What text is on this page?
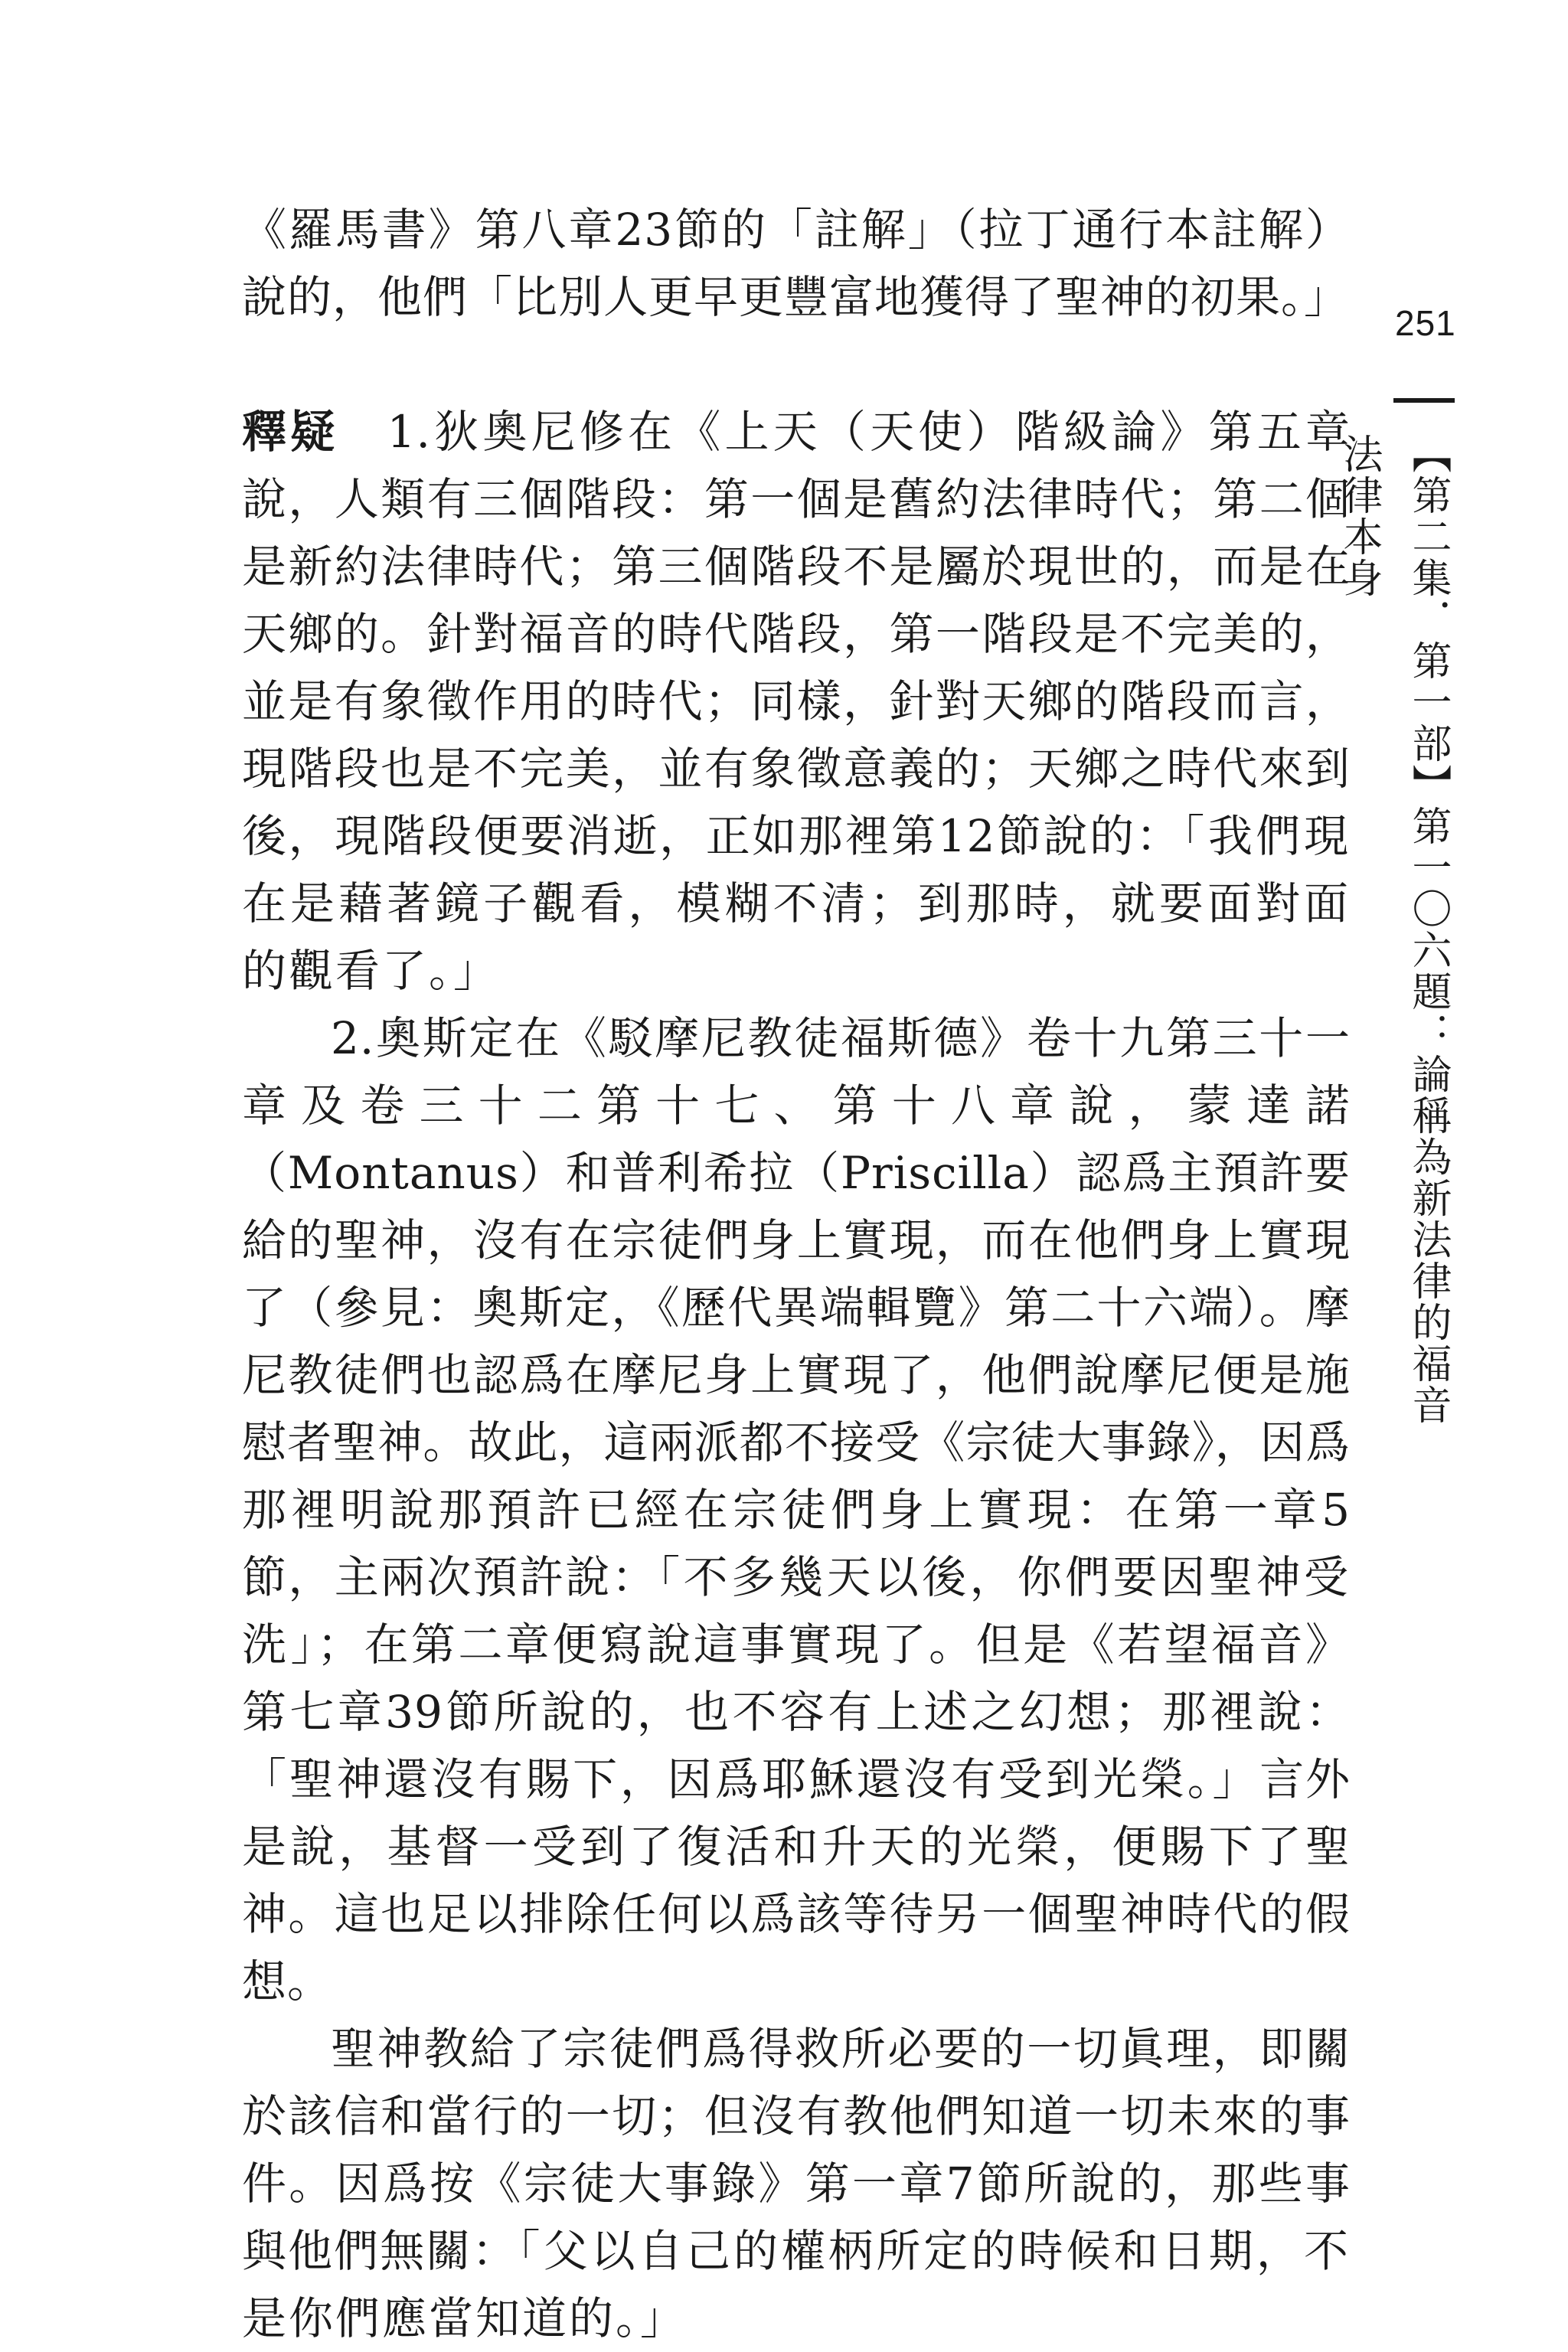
《羅馬書》第八章23節的「註解」（拉丁通行本註解）說的，他們「比別人更早更豐富地獲得了聖神的初果。」

釋疑　 1.狄奧尼修在《上天（天使）階級論》第五章說，人類有三個階段：第一個是舊約法律時代；第二個是新約法律時代；第三個階段不是屬於現世的，而是在天鄉的。針對福音的時代階段，第一階段是不完美的，並是有象徵作用的時代；同樣，針對天鄉的階段而言，現階段也是不完美，並有象徵意義的；天鄉之時代來到後，現階段便要消逝，正如那裡第12節說的：「我們現在是藉著鏡子觀看，模糊不清；到那時，就要面對面的觀看了。」

2.奧斯定在《駁摩尼教徒福斯德》卷十九第三十一章及卷三十二第十七、第十八章說，蒙達諾（Montanus）和普利希拉（Priscilla）認爲主預許要給的聖神，沒有在宗徒們身上實現，而在他們身上實現了（參見：奧斯定，《歷代異端輯覽》第二十六端）。摩尼教徒們也認爲在摩尼身上實現了，他們說摩尼便是施慰者聖神。故此，這兩派都不接受《宗徒大事錄》，因爲那裡明說那預許已經在宗徒們身上實現：在第一章5節，主兩次預許說：「不多幾天以後，你們要因聖神受洗」；在第二章便寫說這事實現了。但是《若望福音》第七章39節所說的，也不容有上述之幻想；那裡說：「聖神還沒有賜下，因爲耶穌還沒有受到光榮。」言外是說，基督一受到了復活和升天的光榮，便賜下了聖神。這也足以排除任何以爲該等待另一個聖神時代的假想。

聖神教給了宗徒們爲得救所必要的一切眞理，即關於該信和當行的一切；但沒有教他們知道一切未來的事件。因爲按《宗徒大事錄》第一章7節所說的，那些事與他們無關：「父以自己的權柄所定的時候和日期，不是你們應當知道的。」

251
【第二集．第一部】第一〇六題：論稱為新法律的福音法律本身
